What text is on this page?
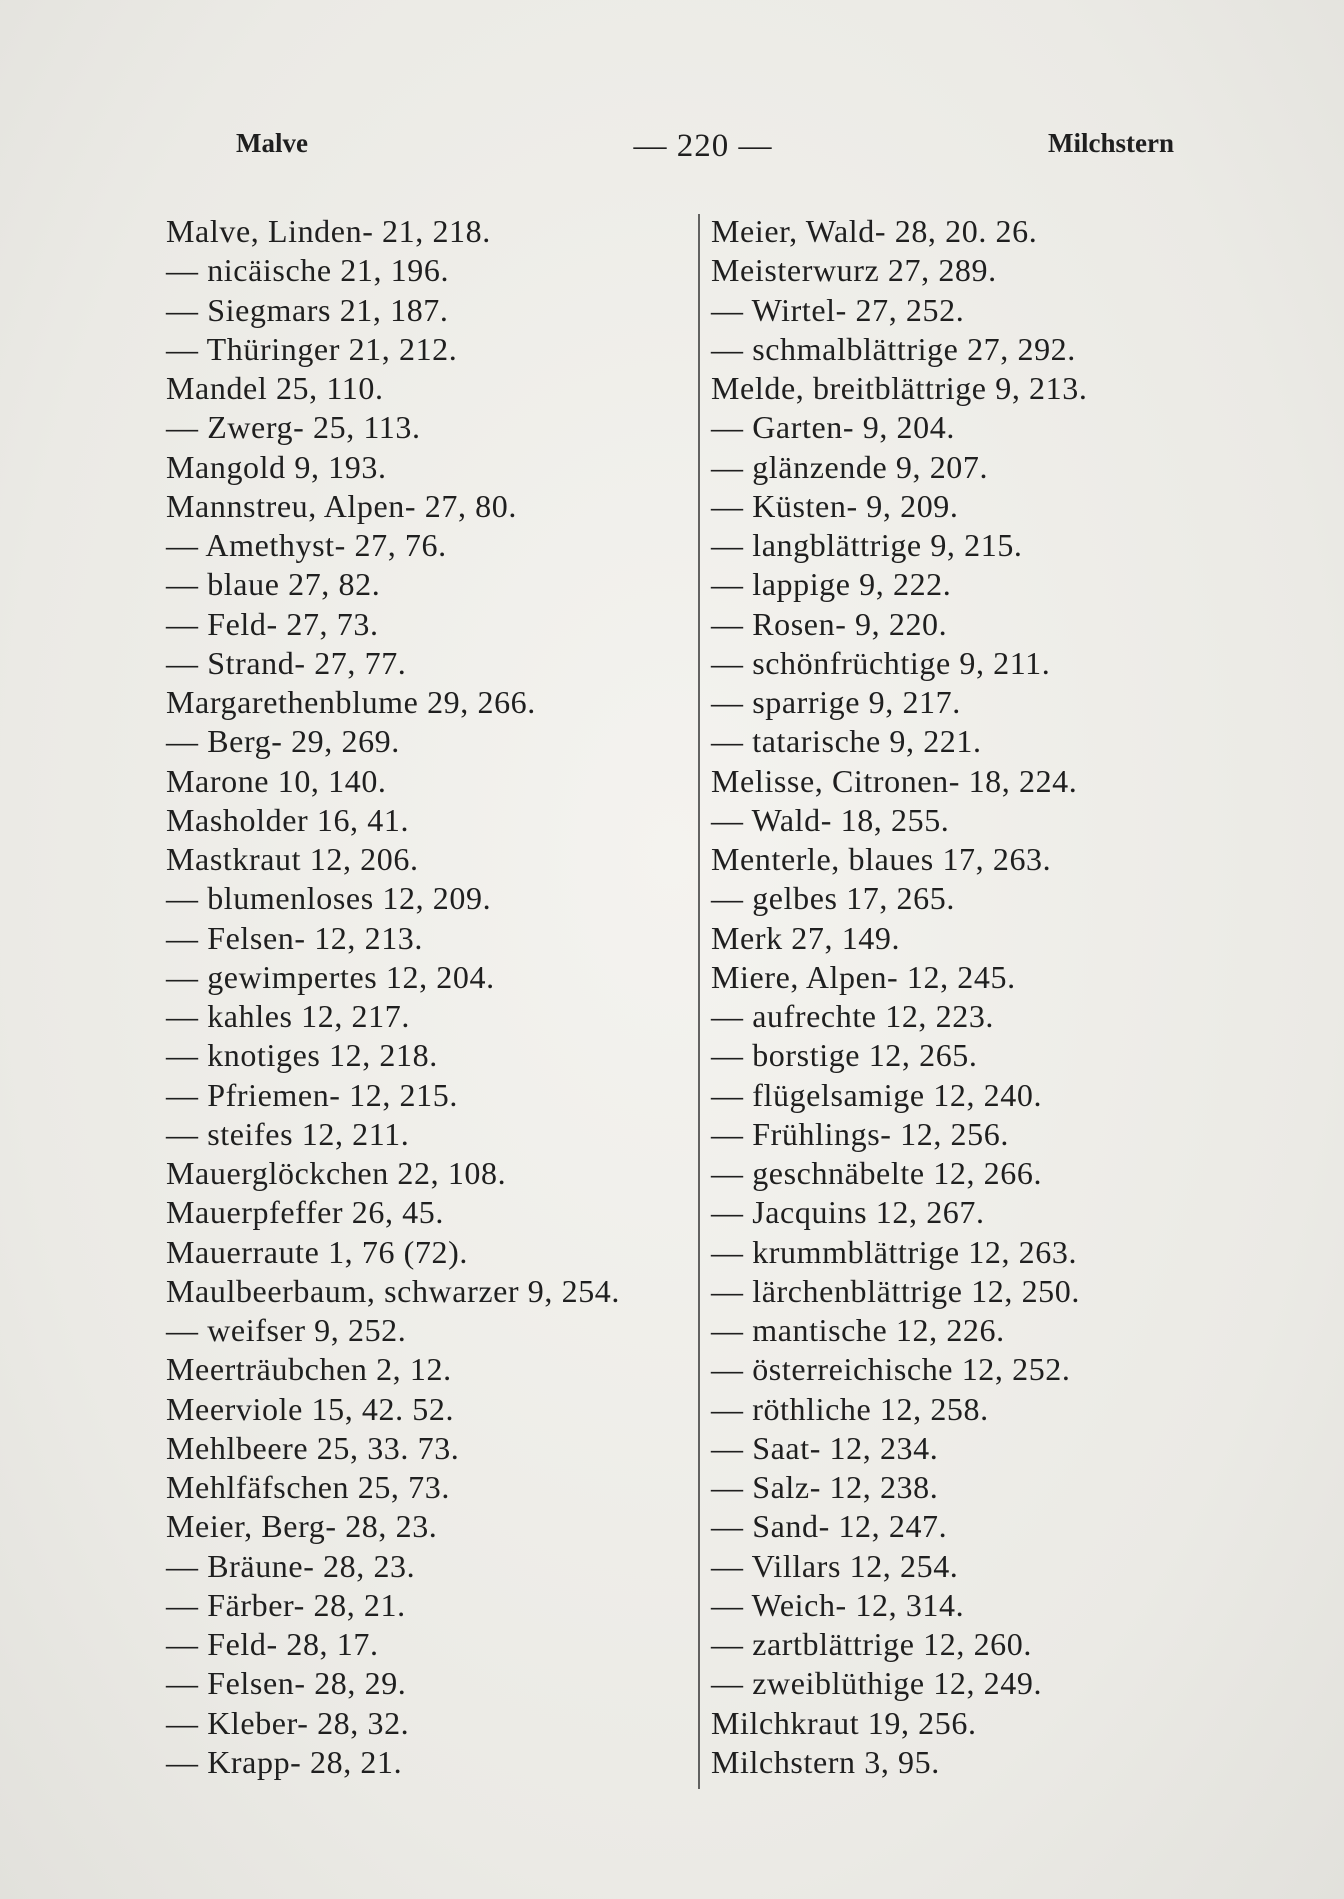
Malve	— 220 —	Milchstern
Malve, Linden- 21, 218.
— nicäische 21, 196.
— Siegmars 21, 187.
— Thüringer 21, 212.
Mandel 25, 110.
— Zwerg- 25, 113.
Mangold 9, 193.
Mannstreu, Alpen- 27, 80.
— Amethyst- 27, 76.
— blaue 27, 82.
— Feld- 27, 73.
— Strand- 27, 77.
Margarethenblume 29, 266.
— Berg- 29, 269.
Marone 10, 140.
Masholder 16, 41.
Mastkraut 12, 206.
— blumenloses 12, 209.
— Felsen- 12, 213.
— gewimpertes 12, 204.
— kahles 12, 217.
— knotiges 12, 218.
— Pfriemen- 12, 215.
— steifes 12, 211.
Mauerglöckchen 22, 108.
Mauerpfeffer 26, 45.
Mauerraute 1, 76 (72).
Maulbeerbaum, schwarzer 9, 254.
— weifser 9, 252.
Meerträubchen 2, 12.
Meerviole 15, 42. 52.
Mehlbeere 25, 33. 73.
Mehlfäfschen 25, 73.
Meier, Berg- 28, 23.
— Bräune- 28, 23.
— Färber- 28, 21.
— Feld- 28, 17.
— Felsen- 28, 29.
— Kleber- 28, 32.
— Krapp- 28, 21.
Meier, Wald- 28, 20. 26.
Meisterwurz 27, 289.
— Wirtel- 27, 252.
— schmalblättrige 27, 292.
Melde, breitblättrige 9, 213.
— Garten- 9, 204.
— glänzende 9, 207.
— Küsten- 9, 209.
— langblättrige 9, 215.
— lappige 9, 222.
— Rosen- 9, 220.
— schönfrüchtige 9, 211.
— sparrige 9, 217.
— tatarische 9, 221.
Melisse, Citronen- 18, 224.
— Wald- 18, 255.
Menterle, blaues 17, 263.
— gelbes 17, 265.
Merk 27, 149.
Miere, Alpen- 12, 245.
— aufrechte 12, 223.
— borstige 12, 265.
— flügelsamige 12, 240.
— Frühlings- 12, 256.
— geschnäbelte 12, 266.
— Jacquins 12, 267.
— krummblättrige 12, 263.
— lärchenblättrige 12, 250.
— mantische 12, 226.
— österreichische 12, 252.
— röthliche 12, 258.
— Saat- 12, 234.
— Salz- 12, 238.
— Sand- 12, 247.
— Villars 12, 254.
— Weich- 12, 314.
— zartblättrige 12, 260.
— zweiblüthige 12, 249.
Milchkraut 19, 256.
Milchstern 3, 95.
